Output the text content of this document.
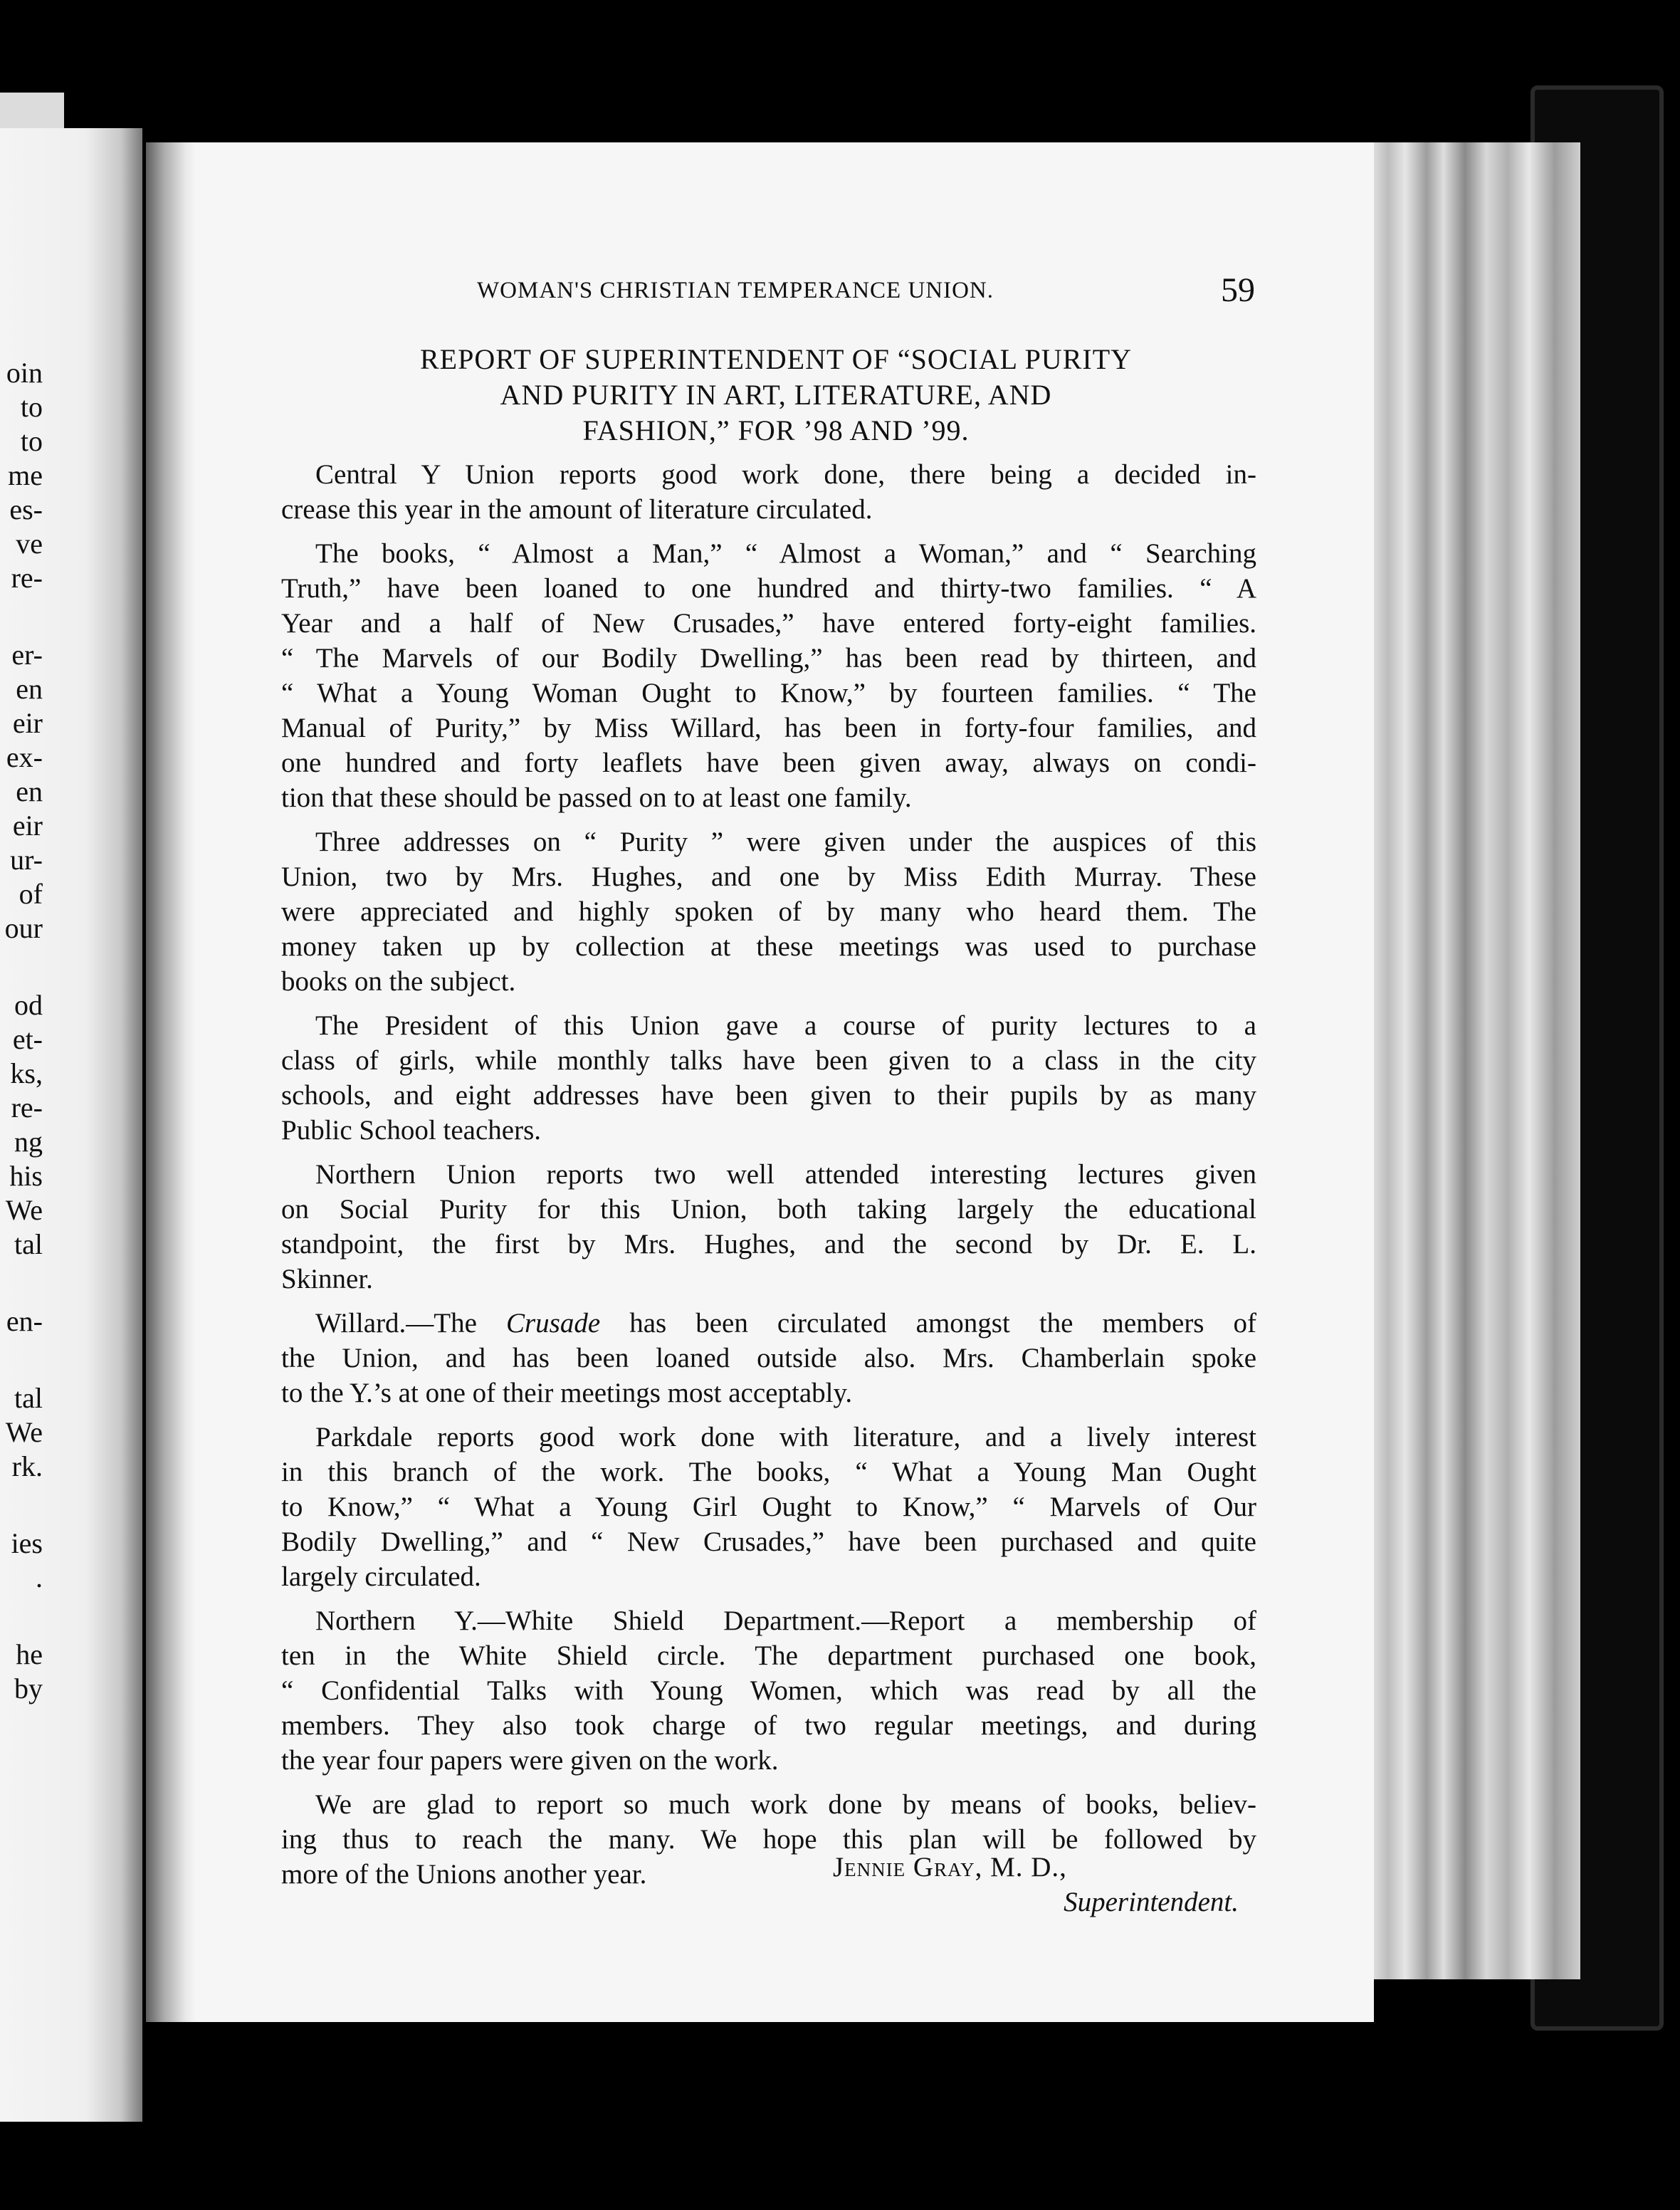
oin
to
to
me
es-
ve
re-
er-
en
eir
ex-
en
eir
ur-
of
our
od
et-
ks,
re-
ng
his
We
tal
en-
tal
We
rk.
ies
.
he
by
WOMAN'S CHRISTIAN TEMPERANCE UNION.	59
REPORT OF SUPERINTENDENT OF “SOCIAL PURITY
AND PURITY IN ART, LITERATURE, AND
FASHION,” FOR ’98 AND ’99.
Central Y Union reports good work done, there being a decided in-
crease this year in the amount of literature circulated.
The books, “ Almost a Man,” “ Almost a Woman,” and “ Searching
Truth,” have been loaned to one hundred and thirty-two families. “ A
Year and a half of New Crusades,” have entered forty-eight families.
“ The Marvels of our Bodily Dwelling,” has been read by thirteen, and
“ What a Young Woman Ought to Know,” by fourteen families. “ The
Manual of Purity,” by Miss Willard, has been in forty-four families, and
one hundred and forty leaflets have been given away, always on condi-
tion that these should be passed on to at least one family.
Three addresses on “ Purity ” were given under the auspices of this
Union, two by Mrs. Hughes, and one by Miss Edith Murray. These
were appreciated and highly spoken of by many who heard them. The
money taken up by collection at these meetings was used to purchase
books on the subject.
The President of this Union gave a course of purity lectures to a
class of girls, while monthly talks have been given to a class in the city
schools, and eight addresses have been given to their pupils by as many
Public School teachers.
Northern Union reports two well attended interesting lectures given
on Social Purity for this Union, both taking largely the educational
standpoint, the first by Mrs. Hughes, and the second by Dr. E. L.
Skinner.
Willard.—The Crusade has been circulated amongst the members of
the Union, and has been loaned outside also. Mrs. Chamberlain spoke
to the Y.’s at one of their meetings most acceptably.
Parkdale reports good work done with literature, and a lively interest
in this branch of the work. The books, “ What a Young Man Ought
to Know,” “ What a Young Girl Ought to Know,” “ Marvels of Our
Bodily Dwelling,” and “ New Crusades,” have been purchased and quite
largely circulated.
Northern Y.—White Shield Department.—Report a membership of
ten in the White Shield circle. The department purchased one book,
“ Confidential Talks with Young Women, which was read by all the
members. They also took charge of two regular meetings, and during
the year four papers were given on the work.
We are glad to report so much work done by means of books, believ-
ing thus to reach the many. We hope this plan will be followed by
more of the Unions another year.	Jennie Gray, M. D.,
Superintendent.
